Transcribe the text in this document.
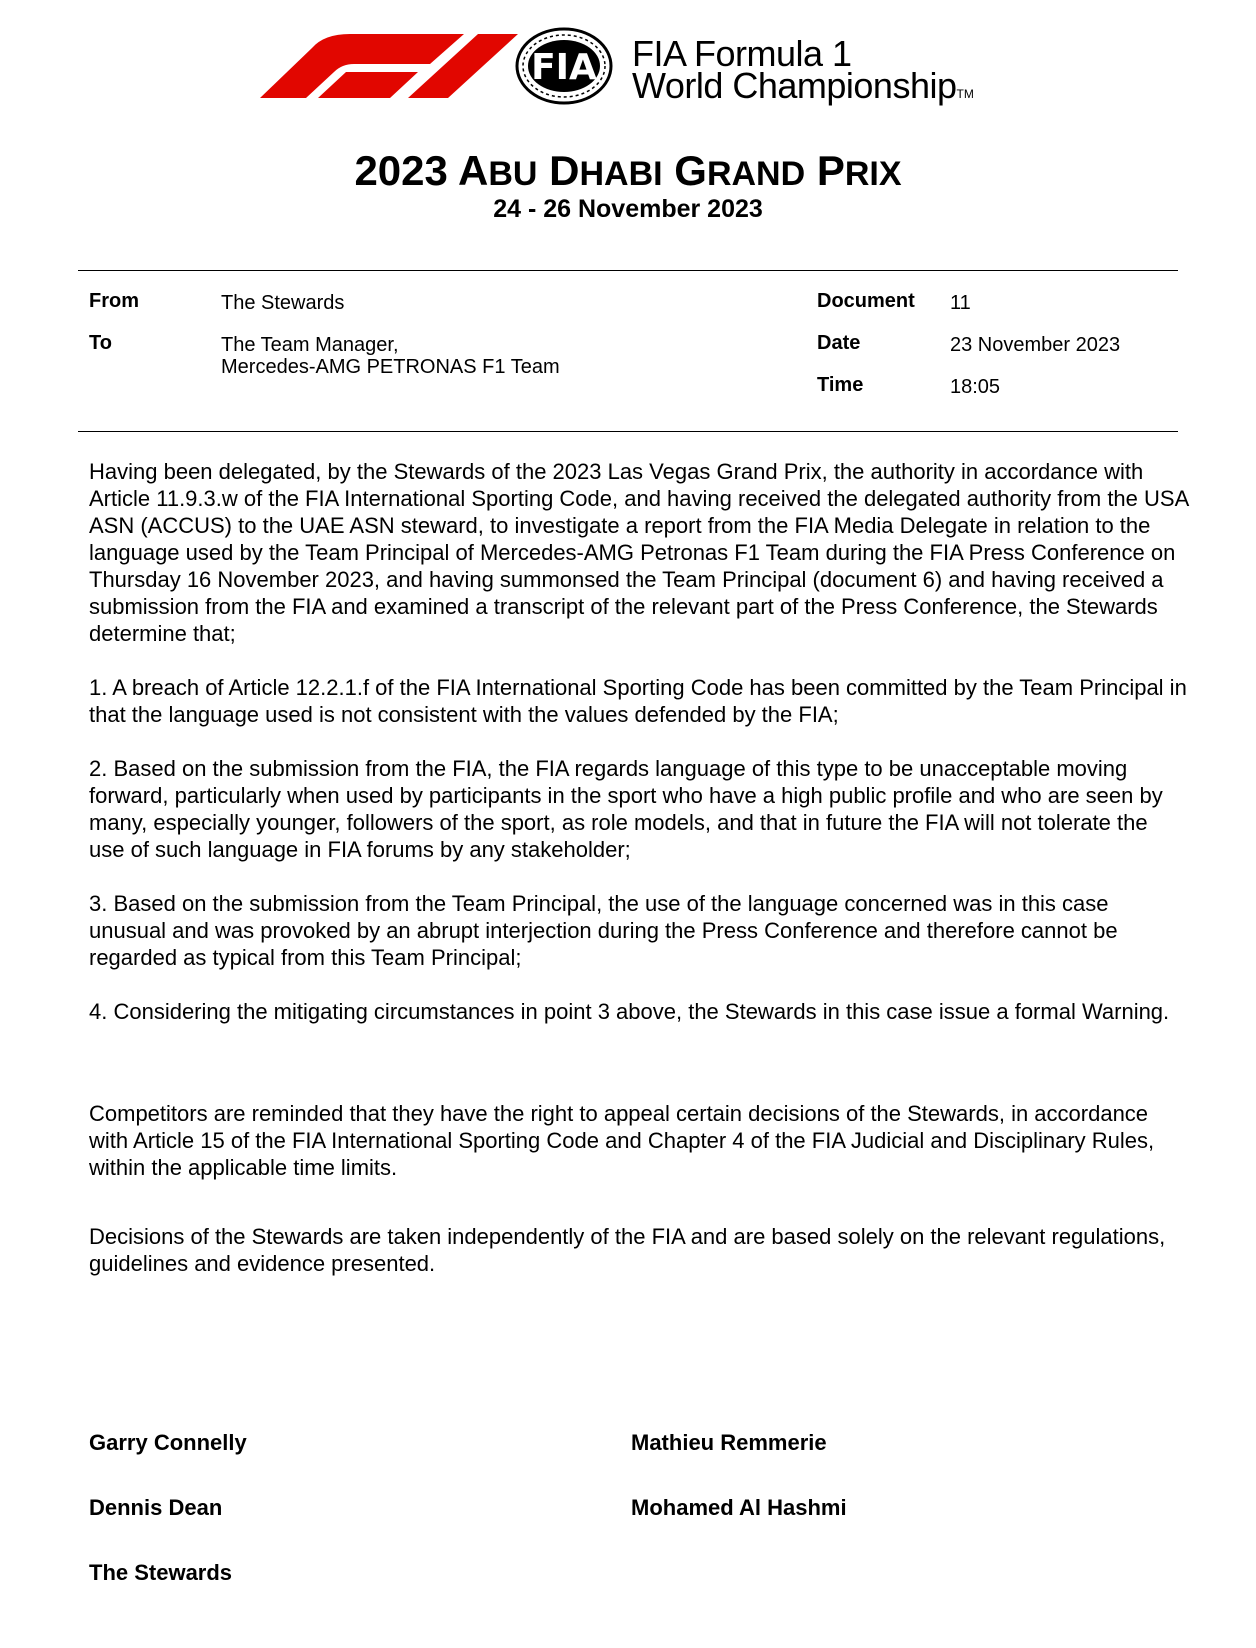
FIA FIA Formula 1
World ChampionshipTM
2023 ABU DHABI GRAND PRIX
24 - 26 November 2023
From	The Stewards
To	The Team Manager,
Mercedes-AMG PETRONAS F1 Team
Document 11
Date	23 November 2023
Time	18:05

Having been delegated, by the Stewards of the 2023 Las Vegas Grand Prix, the authority in accordance with Article 11.9.3.w of the FIA International Sporting Code, and having received the delegated authority from the USA ASN (ACCUS) to the UAE ASN steward, to investigate a report from the FIA Media Delegate in relation to the language used by the Team Principal of Mercedes-AMG Petronas F1 Team during the FIA Press Conference on Thursday 16 November 2023, and having summonsed the Team Principal (document 6) and having received a submission from the FIA and examined a transcript of the relevant part of the Press Conference, the Stewards determine that;

1. A breach of Article 12.2.1.f of the FIA International Sporting Code has been committed by the Team Principal in that the language used is not consistent with the values defended by the FIA;

2. Based on the submission from the FIA, the FIA regards language of this type to be unacceptable moving forward, particularly when used by participants in the sport who have a high public profile and who are seen by many, especially younger, followers of the sport, as role models, and that in future the FIA will not tolerate the use of such language in FIA forums by any stakeholder;

3. Based on the submission from the Team Principal, the use of the language concerned was in this case unusual and was provoked by an abrupt interjection during the Press Conference and therefore cannot be regarded as typical from this Team Principal;

4. Considering the mitigating circumstances in point 3 above, the Stewards in this case issue a formal Warning.

Competitors are reminded that they have the right to appeal certain decisions of the Stewards, in accordance with Article 15 of the FIA International Sporting Code and Chapter 4 of the FIA Judicial and Disciplinary Rules, within the applicable time limits.

Decisions of the Stewards are taken independently of the FIA and are based solely on the relevant regulations, guidelines and evidence presented.

Garry Connelly	Mathieu Remmerie
Dennis Dean	Mohamed Al Hashmi
The Stewards
